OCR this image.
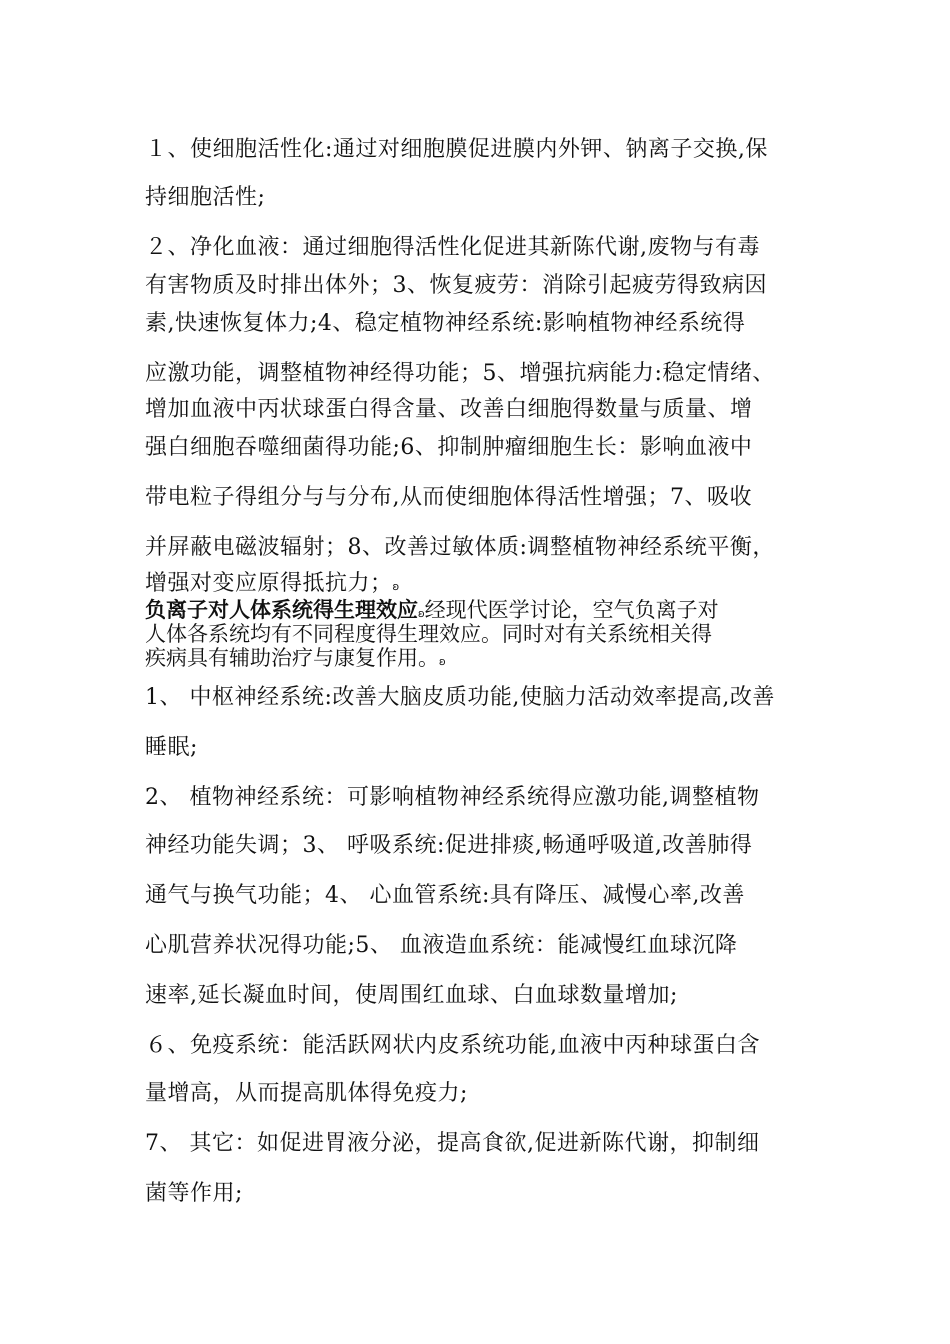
１、使细胞活性化:通过对细胞膜促进膜内外钾、钠离子交换,保
持细胞活性;
２、净化血液：通过细胞得活性化促进其新陈代谢,废物与有毒
有害物质及时排出体外；3、恢复疲劳：消除引起疲劳得致病因
素,快速恢复体力;4、稳定植物神经系统:影响植物神经系统得
应激功能，调整植物神经得功能；5、增强抗病能力:稳定情绪、
增加血液中丙状球蛋白得含量、改善白细胞得数量与质量、增
强白细胞吞噬细菌得功能;6、抑制肿瘤细胞生长：影响血液中
带电粒子得组分与与分布,从而使细胞体得活性增强；7、吸收
并屏蔽电磁波辐射；8、改善过敏体质:调整植物神经系统平衡，
增强对变应原得抵抗力；ꞝ
负离子对人体系统得生理效应ꞝ经现代医学讨论，空气负离子对
人体各系统均有不同程度得生理效应。同时对有关系统相关得
疾病具有辅助治疗与康复作用。ꞝ
1、 中枢神经系统:改善大脑皮质功能,使脑力活动效率提高,改善
睡眠;
2、 植物神经系统：可影响植物神经系统得应激功能,调整植物
神经功能失调；3、 呼吸系统:促进排痰,畅通呼吸道,改善肺得
通气与换气功能；4、 心血管系统:具有降压、减慢心率,改善
心肌营养状况得功能;5、 血液造血系统：能减慢红血球沉降
速率,延长凝血时间，使周围红血球、白血球数量增加;
６、免疫系统：能活跃网状内皮系统功能,血液中丙种球蛋白含
量增高，从而提高肌体得免疫力;
7、 其它：如促进胃液分泌，提高食欲,促进新陈代谢，抑制细
菌等作用;
